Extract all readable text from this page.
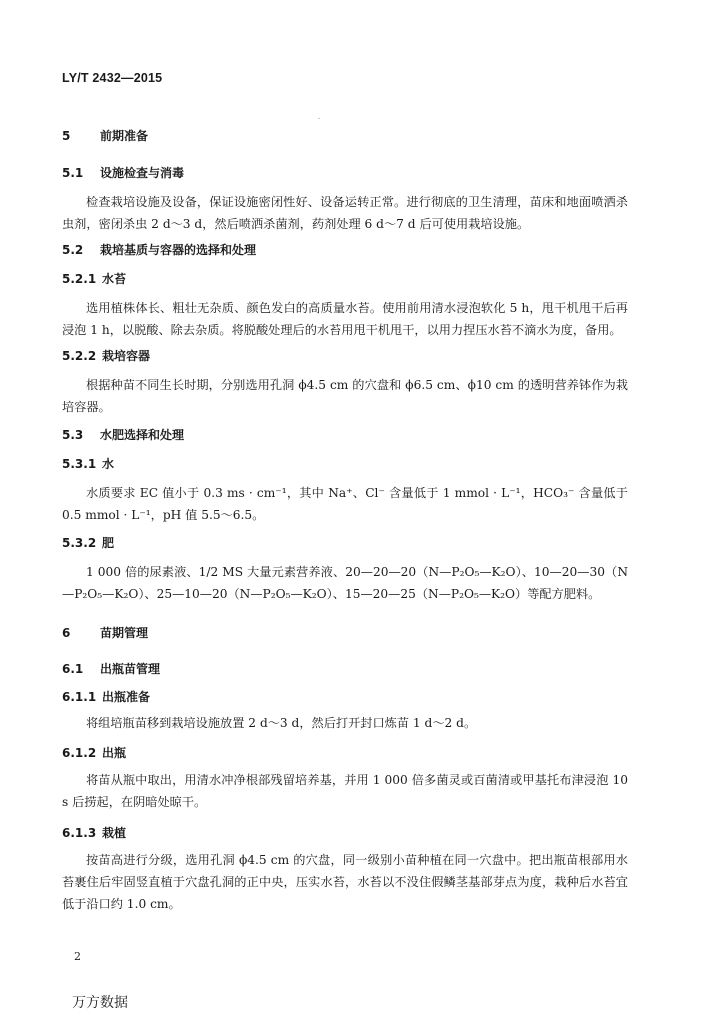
LY/T 2432—2015
5 前期准备
5.1 设施检查与消毒
检查栽培设施及设备，保证设施密闭性好、设备运转正常。进行彻底的卫生清理，苗床和地面喷洒杀虫剂，密闭杀虫 2 d～3 d，然后喷洒杀菌剂，药剂处理 6 d～7 d 后可使用栽培设施。
5.2 栽培基质与容器的选择和处理
5.2.1 水苔
选用植株体长、粗壮无杂质、颜色发白的高质量水苔。使用前用清水浸泡软化 5 h，甩干机甩干后再浸泡 1 h，以脱酸、除去杂质。将脱酸处理后的水苔用甩干机甩干，以用力捏压水苔不滴水为度，备用。
5.2.2 栽培容器
根据种苗不同生长时期，分别选用孔洞 ϕ4.5 cm 的穴盘和 ϕ6.5 cm、ϕ10 cm 的透明营养钵作为栽培容器。
5.3 水肥选择和处理
5.3.1 水
水质要求 EC 值小于 0.3 ms · cm⁻¹，其中 Na⁺、Cl⁻ 含量低于 1 mmol · L⁻¹，HCO₃⁻ 含量低于 0.5 mmol · L⁻¹，pH 值 5.5～6.5。
5.3.2 肥
1 000 倍的尿素液、1/2 MS 大量元素营养液、20—20—20（N—P₂O₅—K₂O）、10—20—30（N—P₂O₅—K₂O）、25—10—20（N—P₂O₅—K₂O）、15—20—25（N—P₂O₅—K₂O）等配方肥料。
6 苗期管理
6.1 出瓶苗管理
6.1.1 出瓶准备
将组培瓶苗移到栽培设施放置 2 d～3 d，然后打开封口炼苗 1 d～2 d。
6.1.2 出瓶
将苗从瓶中取出，用清水冲净根部残留培养基，并用 1 000 倍多菌灵或百菌清或甲基托布津浸泡 10 s 后捞起，在阴暗处晾干。
6.1.3 栽植
按苗高进行分级，选用孔洞 ϕ4.5 cm 的穴盘，同一级别小苗种植在同一穴盘中。把出瓶苗根部用水苔裹住后牢固竖直植于穴盘孔洞的正中央，压实水苔，水苔以不没住假鳞茎基部芽点为度，栽种后水苔宜低于沿口约 1.0 cm。
2
万方数据
